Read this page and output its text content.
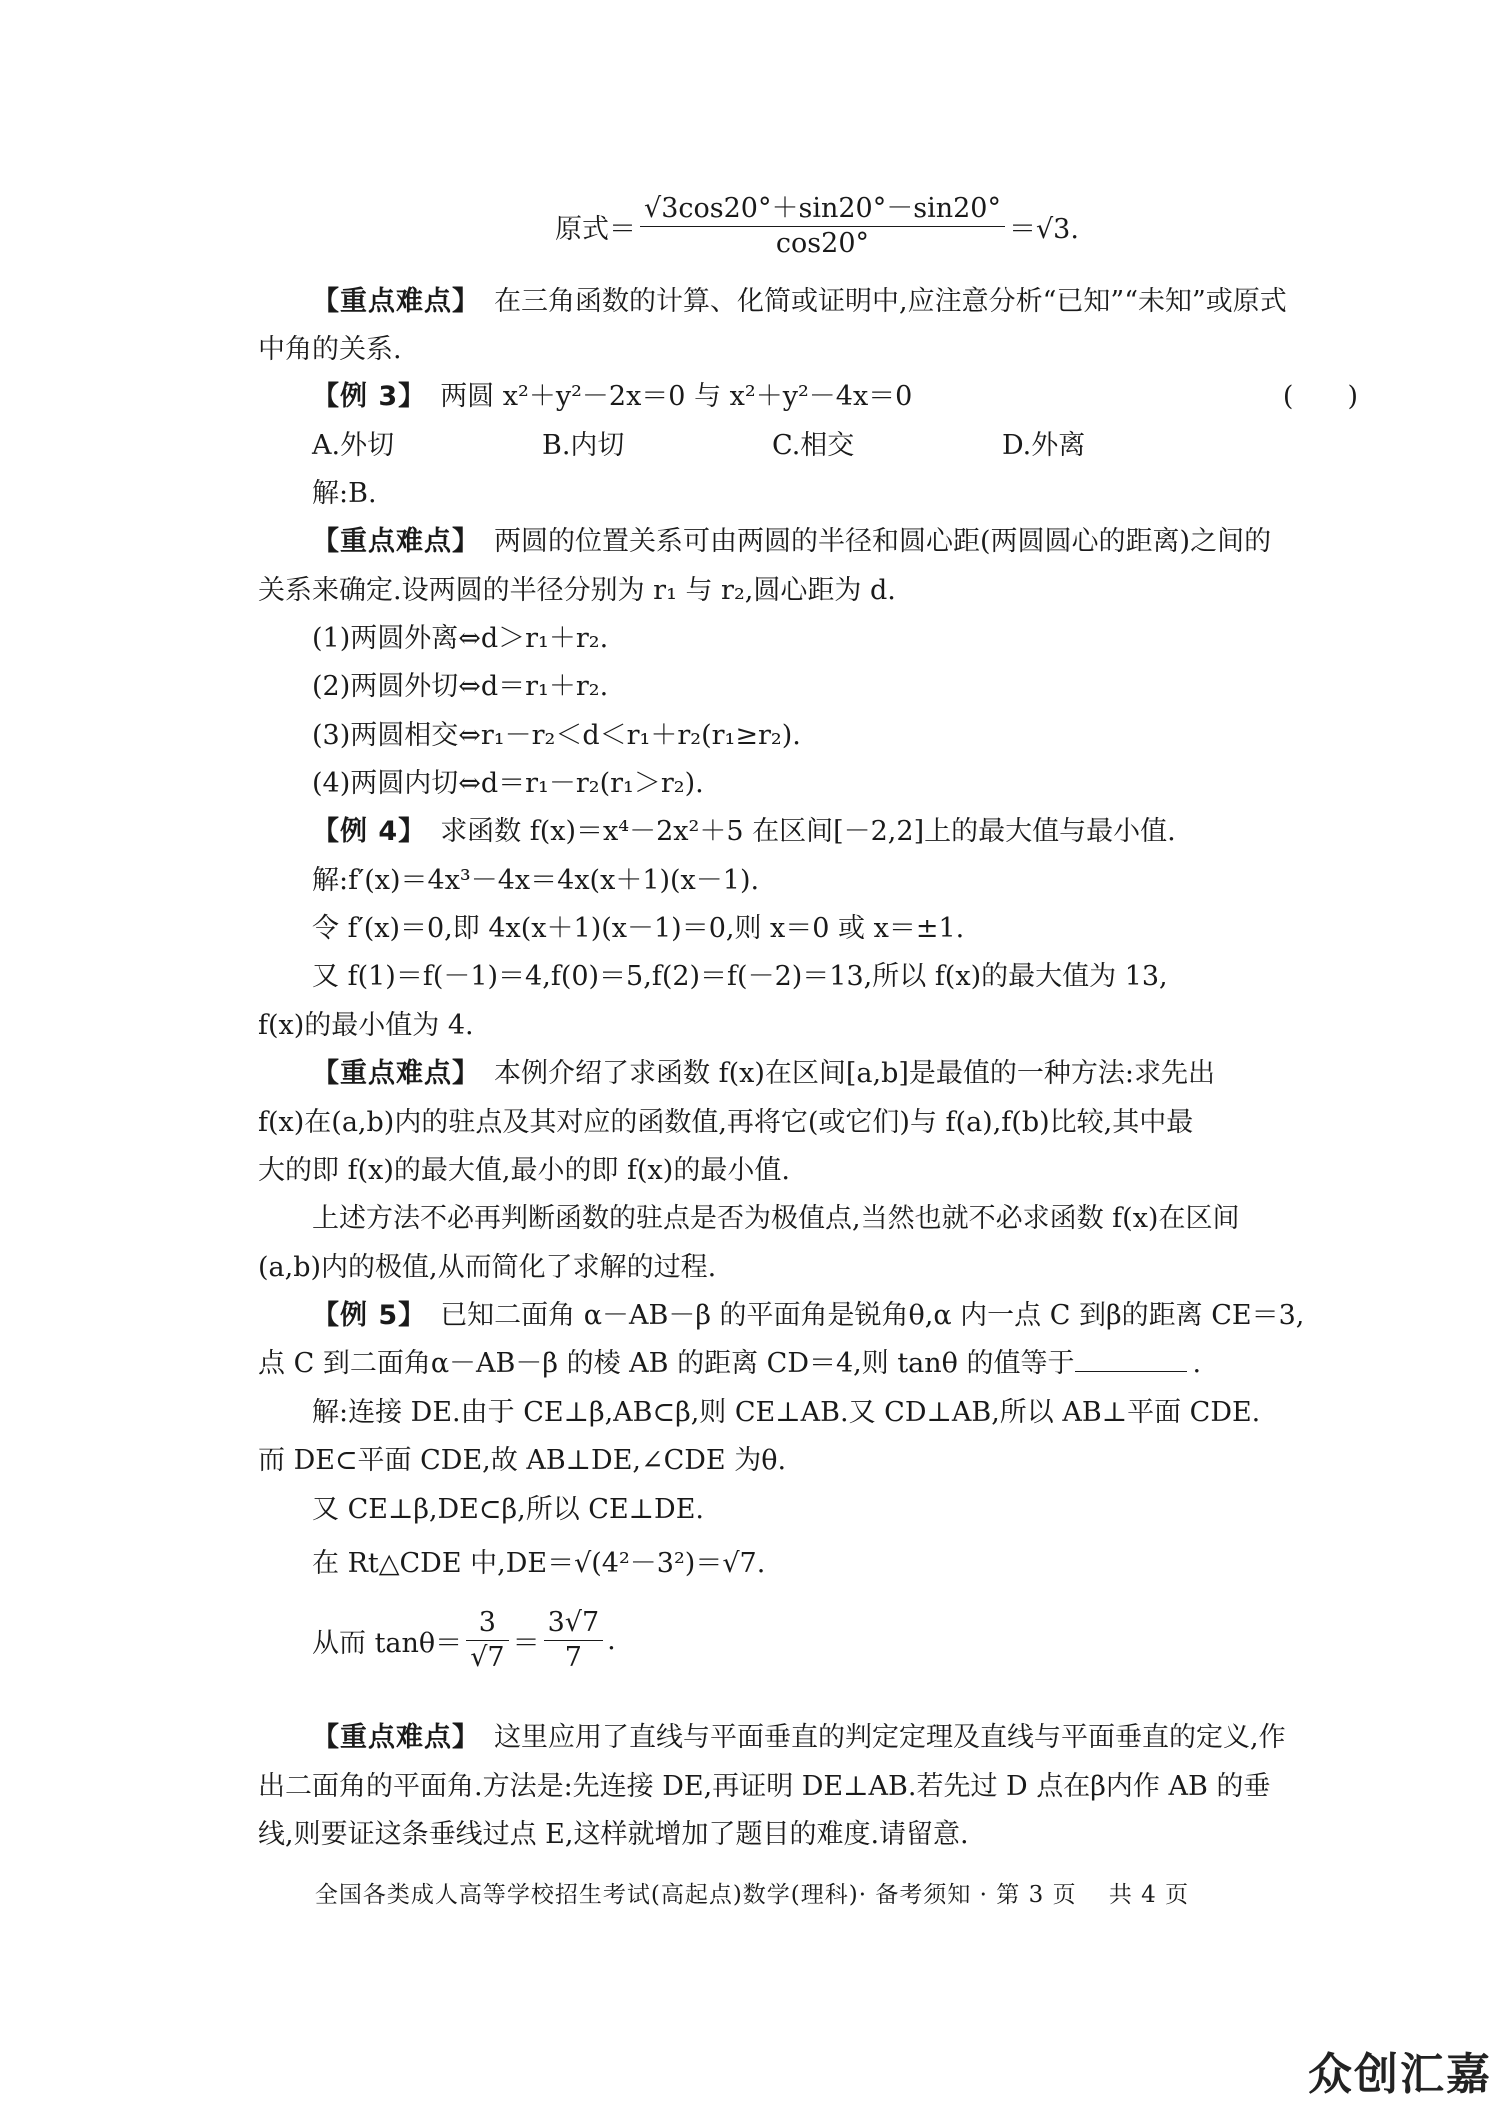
原式＝ $\frac{√3\cos 20^\circ+\sin 20^\circ-\sin 20^\circ}{\cos 20^\circ} =√3$.
【重点难点】 在三角函数的计算、化简或证明中,应注意分析“已知”“未知”或原式
中角的关系.
【例 3】 两圆 x²＋y²－2x＝0 与 x²＋y²－4x＝0	(　　)
A.外切	B.内切	C.相交	D.外离
解:B.
【重点难点】 两圆的位置关系可由两圆的半径和圆心距(两圆圆心的距离)之间的
关系来确定.设两圆的半径分别为 r₁ 与 r₂,圆心距为 d.
(1)两圆外离⇔d＞r₁＋r₂.
(2)两圆外切⇔d＝r₁＋r₂.
(3)两圆相交⇔r₁－r₂＜d＜r₁＋r₂(r₁≥r₂).
(4)两圆内切⇔d＝r₁－r₂(r₁＞r₂).
【例 4】 求函数 f(x)＝x⁴－2x²＋5 在区间[－2,2]上的最大值与最小值.
解:f′(x)＝4x³－4x＝4x(x＋1)(x－1).
令 f′(x)＝0,即 4x(x＋1)(x－1)＝0,则 x＝0 或 x＝±1.
又 f(1)＝f(－1)＝4,f(0)＝5,f(2)＝f(－2)＝13,所以 f(x)的最大值为 13,
f(x)的最小值为 4.
【重点难点】 本例介绍了求函数 f(x)在区间[a,b]是最值的一种方法:求先出
f(x)在(a,b)内的驻点及其对应的函数值,再将它(或它们)与 f(a),f(b)比较,其中最
大的即 f(x)的最大值,最小的即 f(x)的最小值.
上述方法不必再判断函数的驻点是否为极值点,当然也就不必求函数 f(x)在区间
(a,b)内的极值,从而简化了求解的过程.
【例 5】 已知二面角 α－AB－β 的平面角是锐角θ,α 内一点 C 到β的距离 CE＝3,
点 C 到二面角α－AB－β 的棱 AB 的距离 CD＝4,则 tanθ 的值等于	.
解:连接 DE.由于 CE⊥β,AB⊂β,则 CE⊥AB.又 CD⊥AB,所以 AB⊥平面 CDE.
而 DE⊂平面 CDE,故 AB⊥DE,∠CDE 为θ.
又 CE⊥β,DE⊂β,所以 CE⊥DE.
在 Rt△CDE 中,DE＝√(4²－3²)＝√7.
从而 $\tan\theta= \frac{3}{√7} = \frac{3√7}{7}$ .
【重点难点】 这里应用了直线与平面垂直的判定定理及直线与平面垂直的定义,作
出二面角的平面角.方法是:先连接 DE,再证明 DE⊥AB.若先过 D 点在β内作 AB 的垂
线,则要证这条垂线过点 E,这样就增加了题目的难度.请留意.
全国各类成人高等学校招生考试(高起点)数学(理科)· 备考须知 · 第 3 页　 共 4 页
众创汇嘉
